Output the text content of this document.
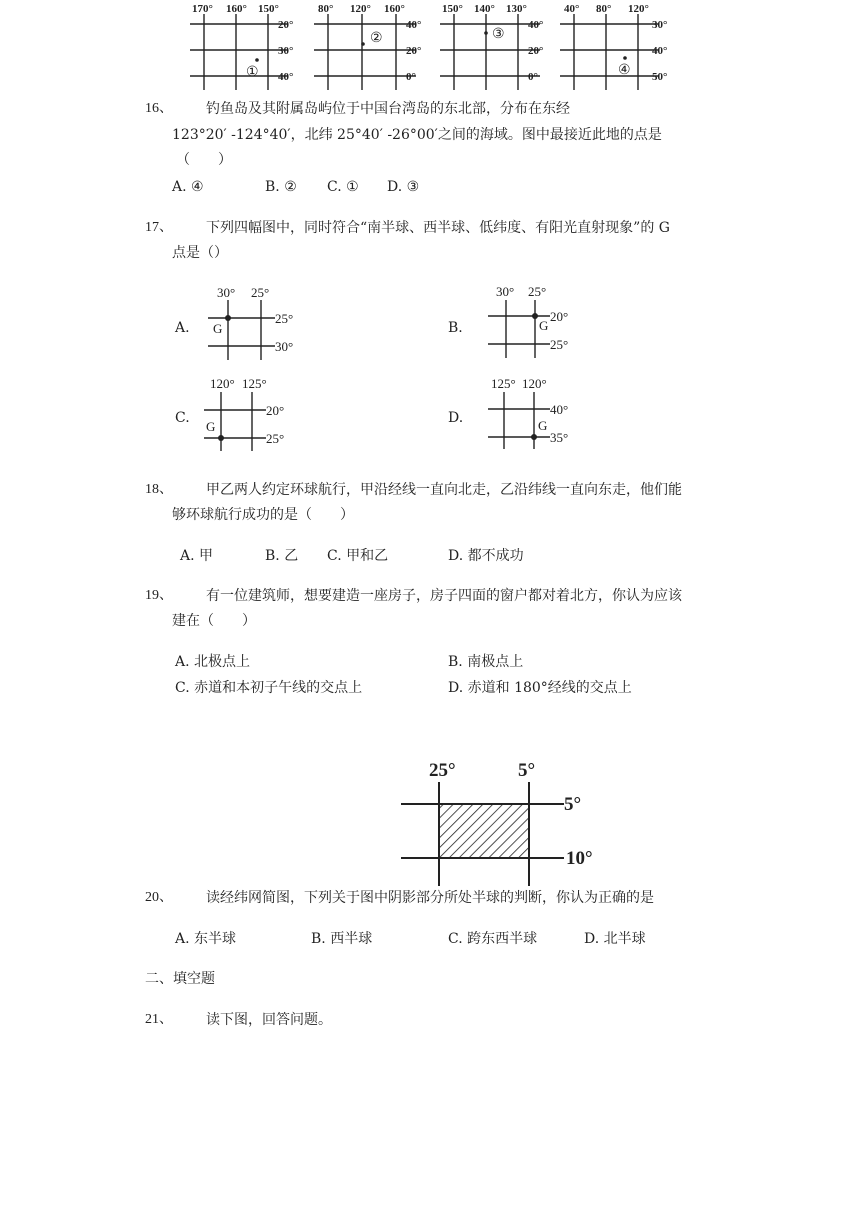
170° 160° 150°
20°
30°
40°
①
80° 120° 160°
40°
20°
0°
②
150° 140° 130°
40°
20°
0°
③
40° 80° 120°
30°
40°
50°
④
16、 钓鱼岛及其附属岛屿位于中国台湾岛的东北部，分布在东经
123°20′ -124°40′，北纬 25°40′ -26°00′之间的海域。图中最接近此地的点是
（　　）
A. ④	B. ② C. ① D. ③
17、 下列四幅图中，同时符合“南半球、西半球、低纬度、有阳光直射现象”的 G
点是（）
A.
30° 25°
25°
30°
G	B.
30° 25°
20°
25°
G
C.
120° 125°
20°
25°
G
D.
125° 120°
40°
35°
G
18、 甲乙两人约定环球航行，甲沿经线一直向北走，乙沿纬线一直向东走，他们能
够环球航行成功的是（　　）
A. 甲	B. 乙 C. 甲和乙	D. 都不成功
19、 有一位建筑师，想要建造一座房子，房子四面的窗户都对着北方，你认为应该
建在（　　）
A. 北极点上	B. 南极点上
C. 赤道和本初子午线的交点上	D. 赤道和 180°经线的交点上
25°	5°
5°
10°
20、 读经纬网简图，下列关于图中阴影部分所处半球的判断，你认为正确的是
A. 东半球	B. 西半球	C. 跨东西半球	D. 北半球
二、填空题
21、 读下图，回答问题。
